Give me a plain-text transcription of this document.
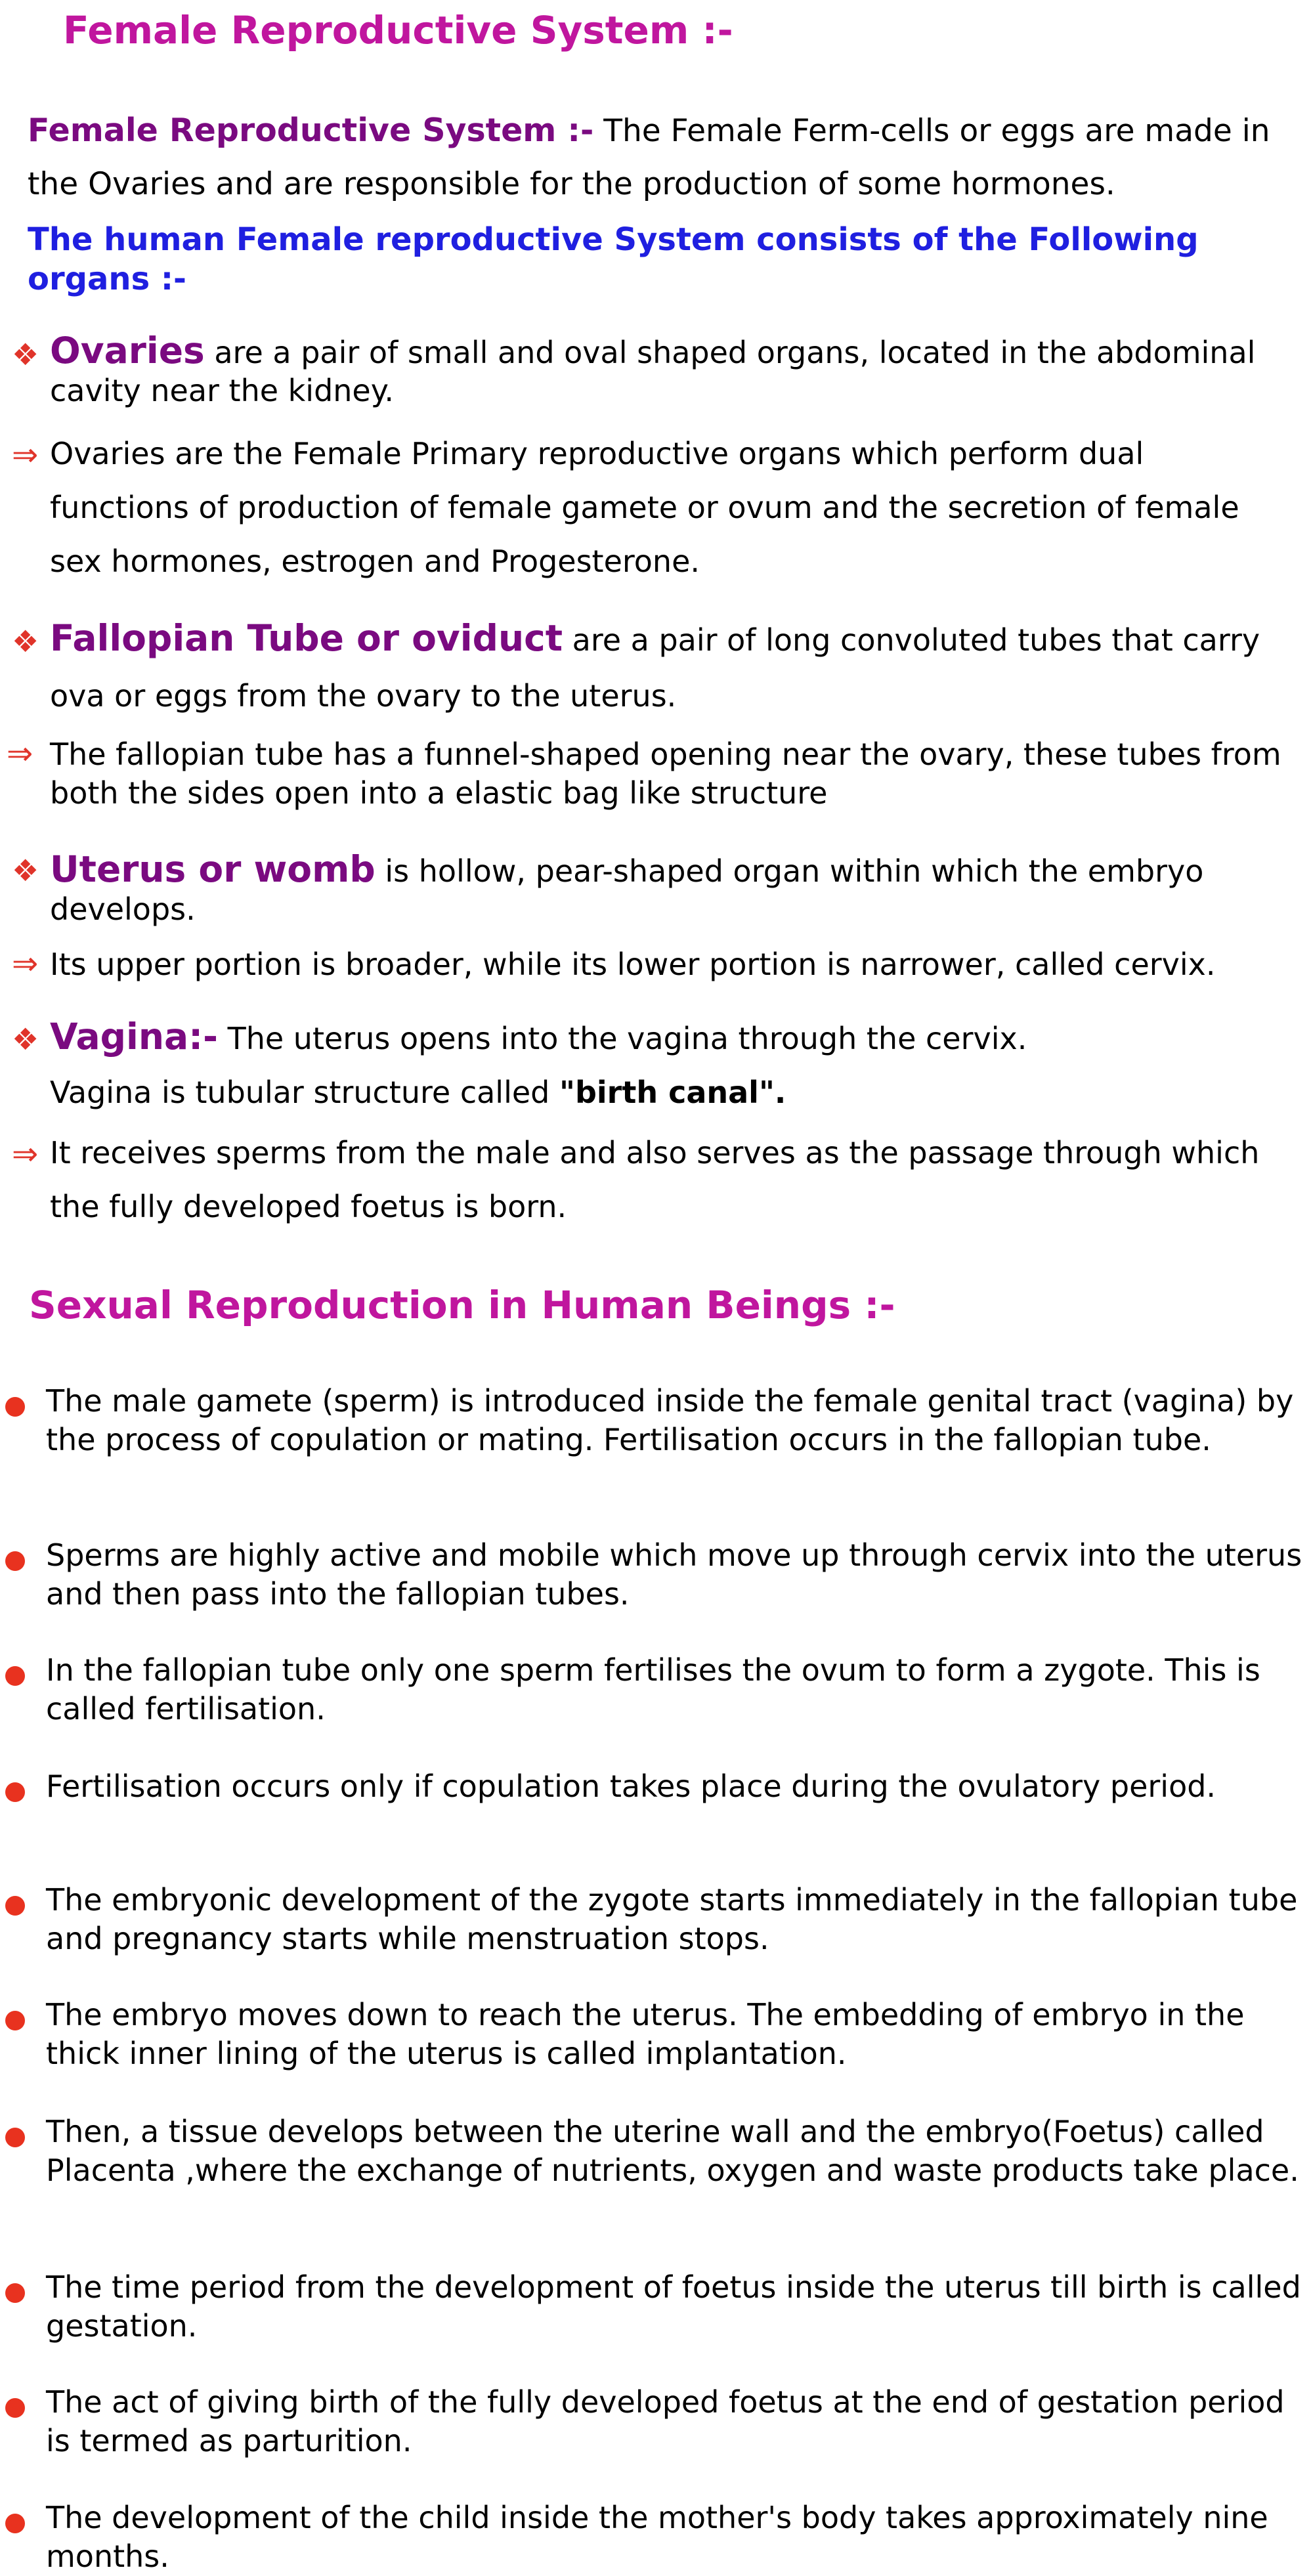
Female Reproductive System :-

Female Reproductive System :- The Female Ferm-cells or eggs are made in the Ovaries and are responsible for the production of some hormones.

The human Female reproductive System consists of the Following organs :-
❖ Ovaries are a pair of small and oval shaped organs, located in the abdominal cavity near the kidney.
⇒ Ovaries are the Female Primary reproductive organs which perform dual functions of production of female gamete or ovum and the secretion of female sex hormones, estrogen and Progesterone.
❖ Fallopian Tube or oviduct are a pair of long convoluted tubes that carry ova or eggs from the ovary to the uterus.
⇒ The fallopian tube has a funnel-shaped opening near the ovary, these tubes from both the sides open into a elastic bag like structure
❖ Uterus or womb is hollow, pear-shaped organ within which the embryo develops.
⇒ Its upper portion is broader, while its lower portion is narrower, called cervix.
❖ Vagina:- The uterus opens into the vagina through the cervix.
Vagina is tubular structure called "birth canal".
⇒ It receives sperms from the male and also serves as the passage through which the fully developed foetus is born.
Sexual Reproduction in Human Beings :-
The male gamete (sperm) is introduced inside the female genital tract (vagina) by the process of copulation or mating. Fertilisation occurs in the fallopian tube.
Sperms are highly active and mobile which move up through cervix into the uterus and then pass into the fallopian tubes.
In the fallopian tube only one sperm fertilises the ovum to form a zygote. This is called fertilisation.
Fertilisation occurs only if copulation takes place during the ovulatory period.
The embryonic development of the zygote starts immediately in the fallopian tube and pregnancy starts while menstruation stops.
The embryo moves down to reach the uterus. The embedding of embryo in the thick inner lining of the uterus is called implantation.
Then, a tissue develops between the uterine wall and the embryo(Foetus) called Placenta ,where the exchange of nutrients, oxygen and waste products take place.
The time period from the development of foetus inside the uterus till birth is called gestation.
The act of giving birth of the fully developed foetus at the end of gestation period is termed as parturition.
The development of the child inside the mother's body takes approximately nine months.
